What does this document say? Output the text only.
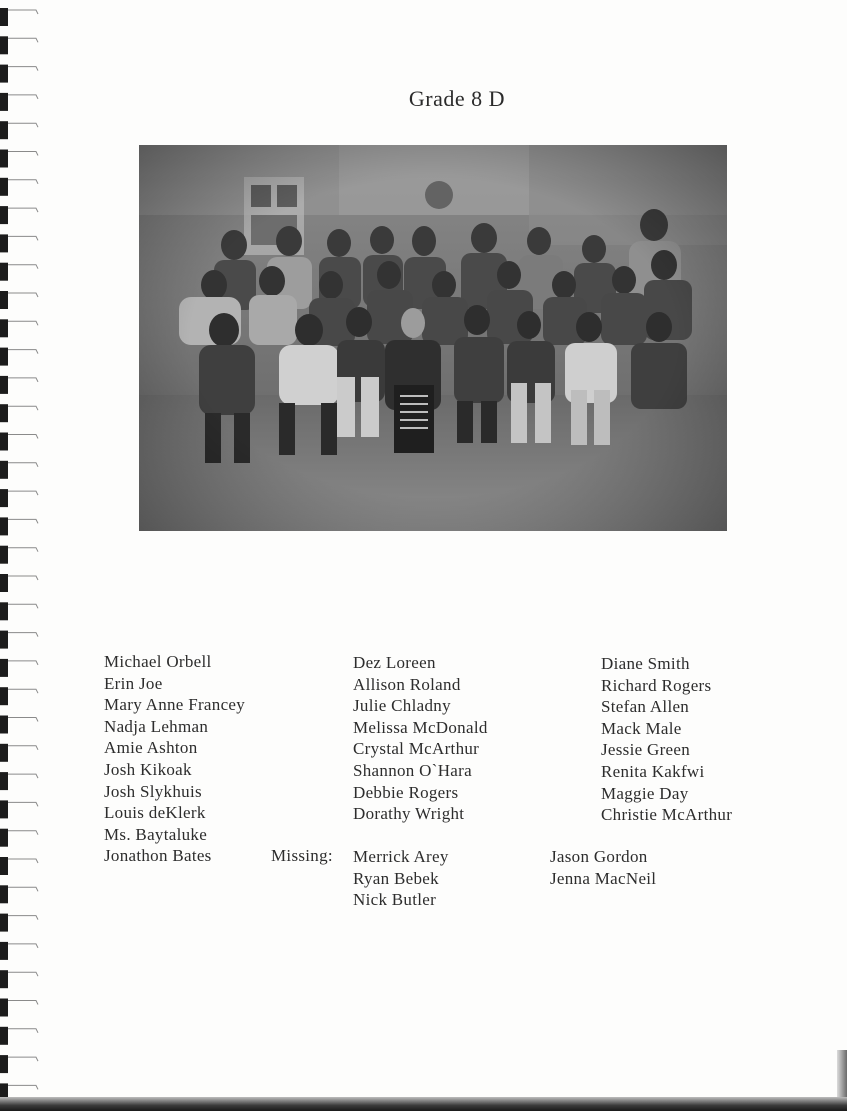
Grade 8 D
Michael Orbell
Erin Joe
Mary Anne Francey
Nadja Lehman
Amie Ashton
Josh Kikoak
Josh Slykhuis
Louis deKlerk
Ms. Baytaluke
Jonathon Bates
Dez Loreen
Allison Roland
Julie Chladny
Melissa McDonald
Crystal McArthur
Shannon O`Hara
Debbie Rogers
Dorathy Wright
Diane Smith
Richard Rogers
Stefan Allen
Mack Male
Jessie Green
Renita Kakfwi
Maggie Day
Christie McArthur
Missing: Merrick Arey
Ryan Bebek
Nick Butler
Jason Gordon
Jenna MacNeil
